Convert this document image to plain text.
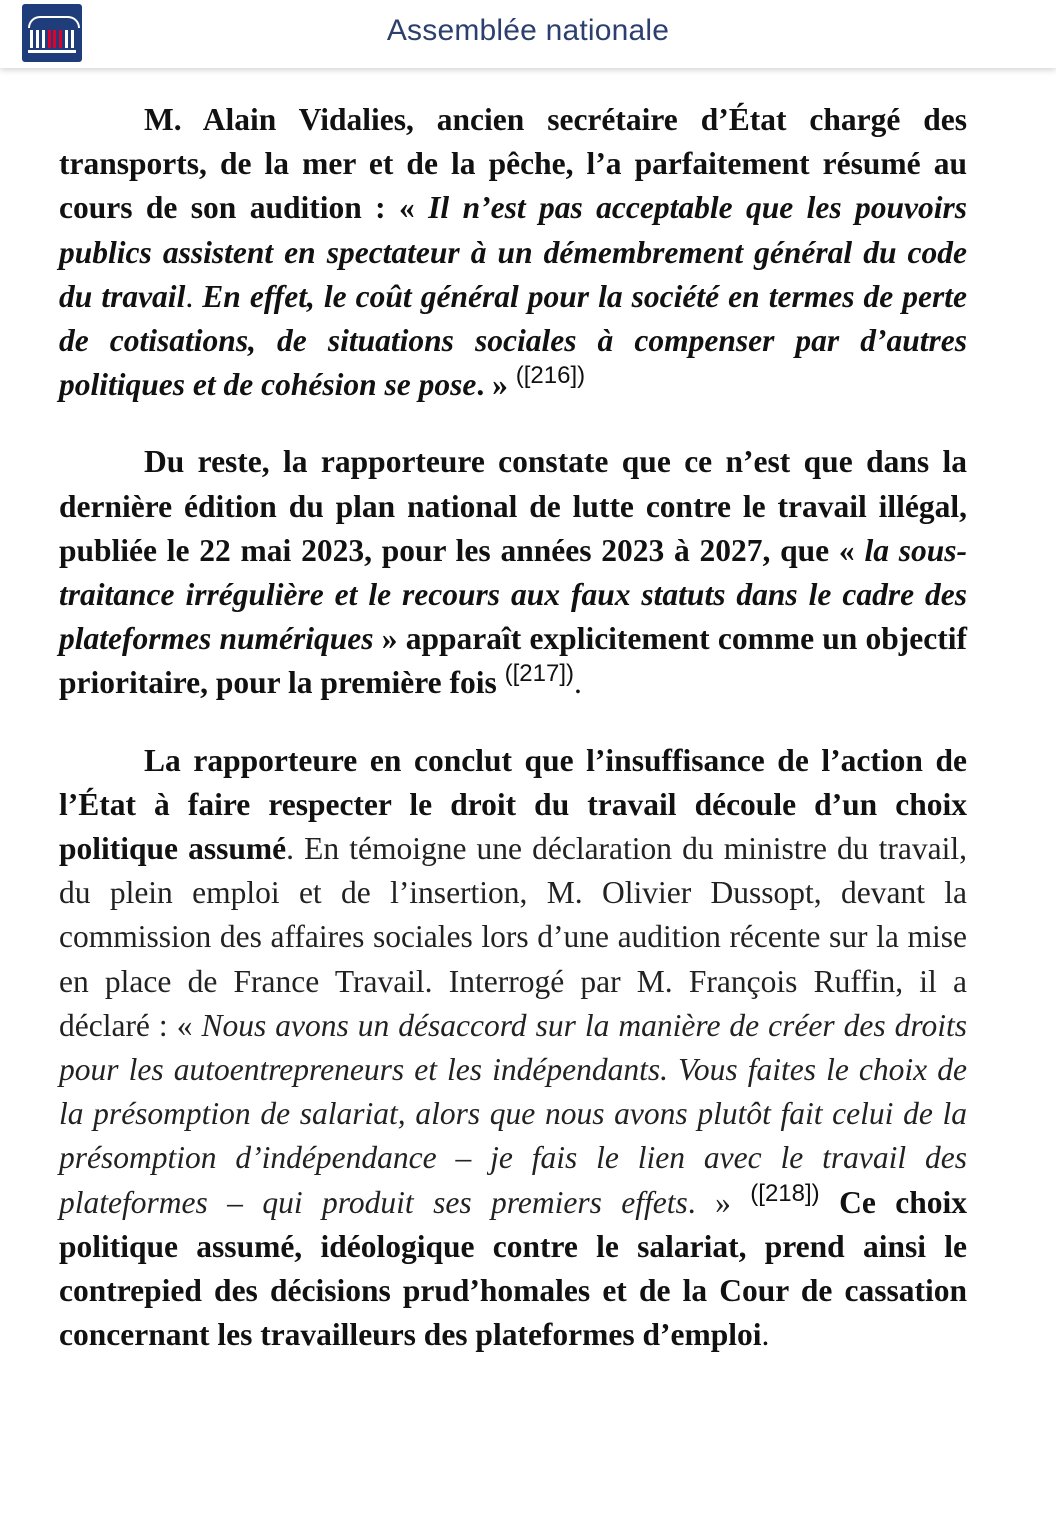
Assemblée nationale

M. Alain Vidalies, ancien secrétaire d’État chargé des transports, de la mer et de la pêche, l’a parfaitement résumé au cours de son audition : « Il n’est pas acceptable que les pouvoirs publics assistent en spectateur à un démembrement général du code du travail. En effet, le coût général pour la société en termes de perte de cotisations, de situations sociales à compenser par d’autres politiques et de cohésion se pose. » $^{([216])}$

Du reste, la rapporteure constate que ce n’est que dans la dernière édition du plan national de lutte contre le travail illégal, publiée le 22 mai 2023, pour les années 2023 à 2027, que « la sous-traitance irrégulière et le recours aux faux statuts dans le cadre des plateformes numériques » apparaît explicitement comme un objectif prioritaire, pour la première fois $^{([217])}$.

La rapporteure en conclut que l’insuffisance de l’action de l’État à faire respecter le droit du travail découle d’un choix politique assumé. En témoigne une déclaration du ministre du travail, du plein emploi et de l’insertion, M. Olivier Dussopt, devant la commission des affaires sociales lors d’une audition récente sur la mise en place de France Travail. Interrogé par M. François Ruffin, il a déclaré : « Nous avons un désaccord sur la manière de créer des droits pour les autoentrepreneurs et les indépendants. Vous faites le choix de la présomption de salariat, alors que nous avons plutôt fait celui de la présomption d’indépendance – je fais le lien avec le travail des plateformes – qui produit ses premiers effets. » $^{([218])}$ Ce choix politique assumé, idéologique contre le salariat, prend ainsi le contrepied des décisions prud’homales et de la Cour de cassation concernant les travailleurs des plateformes d’emploi.
